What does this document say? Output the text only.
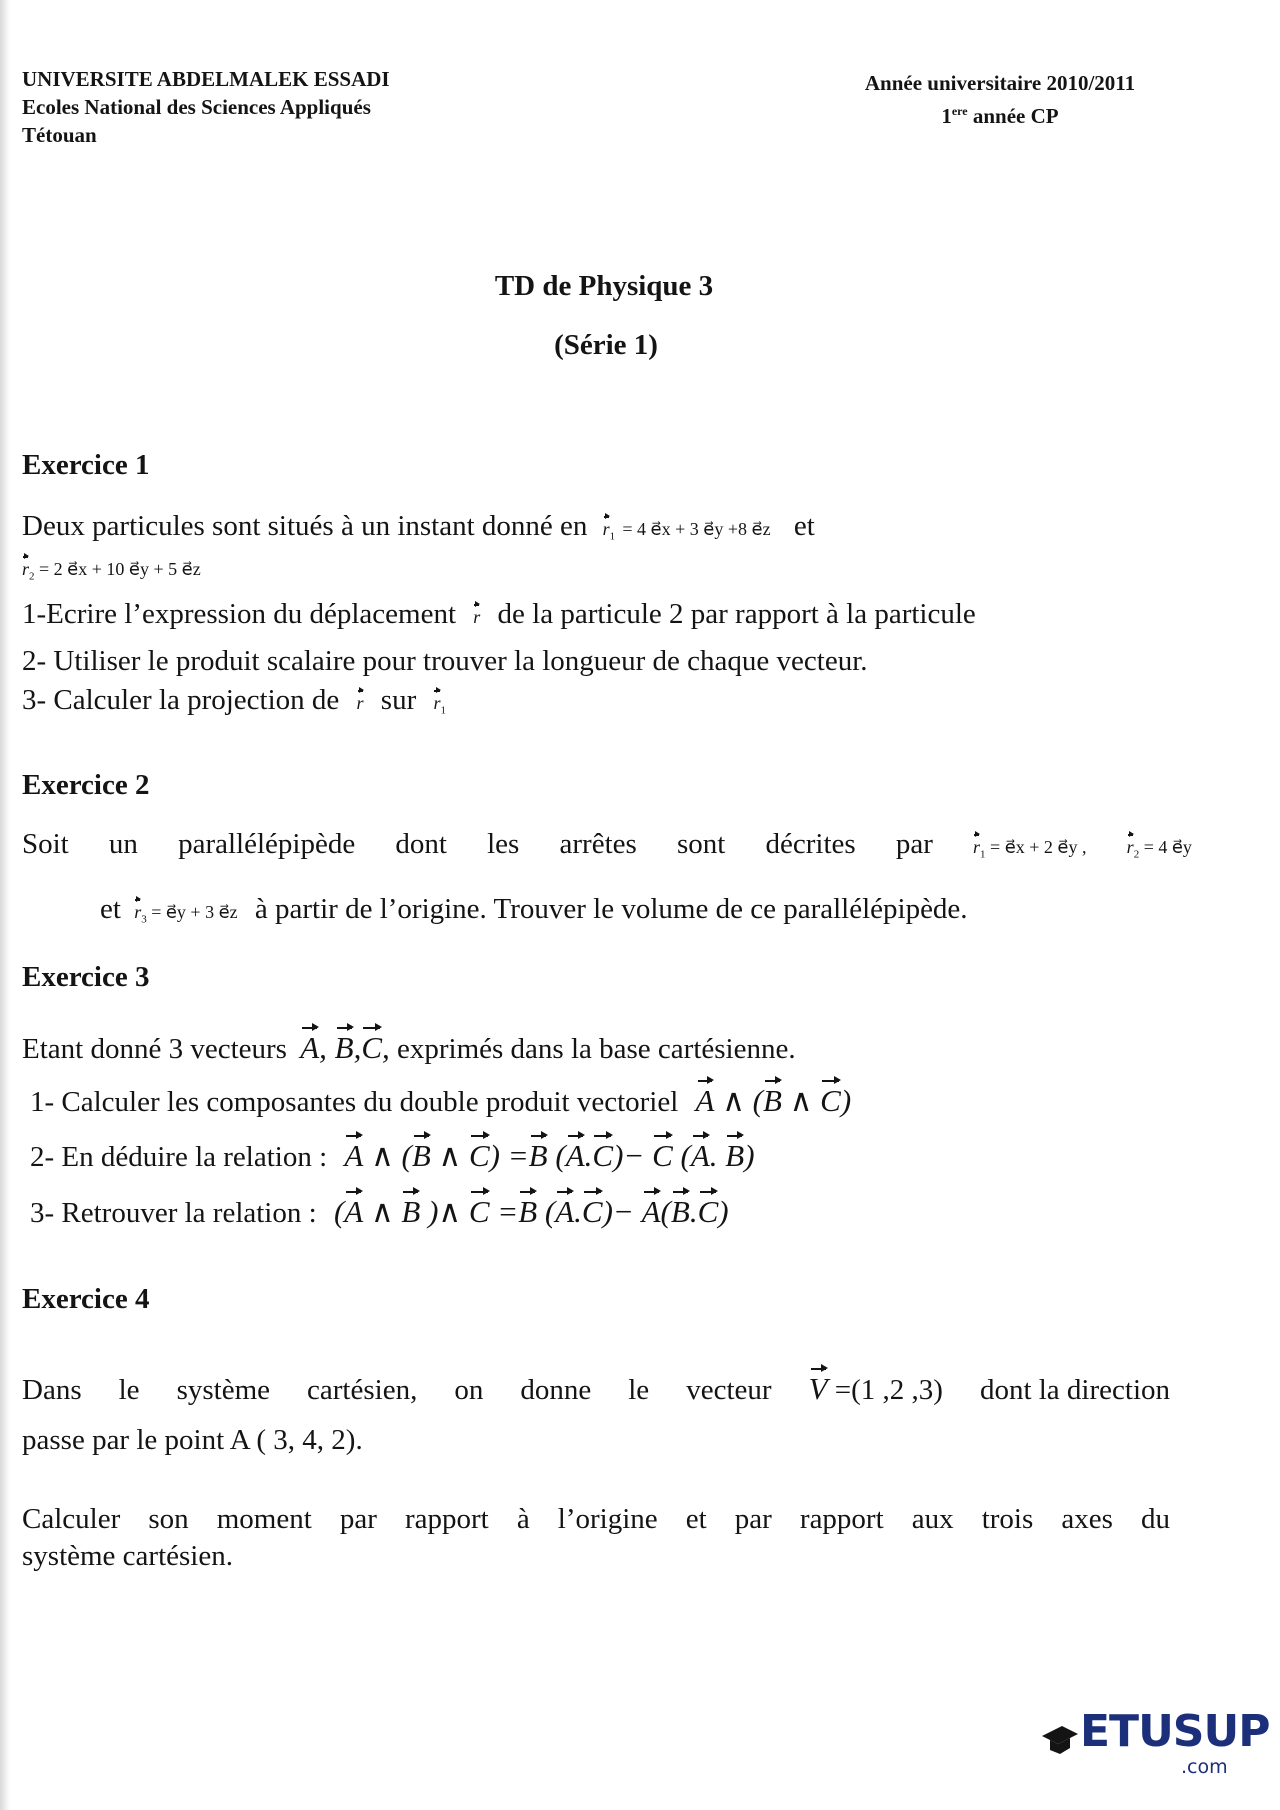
UNIVERSITE ABDELMALEK ESSADI
Ecoles National des Sciences Appliqués
Tétouan
Année universitaire 2010/2011
1ere année CP
TD de Physique 3
(Série 1)
Exercice 1
Deux particules sont situés à un instant donné en $r_1 = 4$ e⃗x + 3 e⃗y +8 e⃗z et
$r_2 = 2$ e⃗x + 10 e⃗y + 5 e⃗z
1-Ecrire l’expression du déplacement r de la particule 2 par rapport à la particule
2- Utiliser le produit scalaire pour trouver la longueur de chaque vecteur.
3- Calculer la projection de r sur $r_1$
Exercice 2
Soit un parallélépipède dont les arrêtes sont décrites par $r_1$ = e⃗x + 2 e⃗y , $r_2 = 4$ e⃗y
et $r_3$ = e⃗y + 3 e⃗z à partir de l’origine. Trouver le volume de ce parallélépipède.
Exercice 3
Etant donné 3 vecteurs A, B,C, exprimés dans la base cartésienne.
1- Calculer les composantes du double produit vectoriel A ∧ (B ∧ C)
2- En déduire la relation : A ∧ (B ∧ C) =B (A.C)− C (A. B)
3- Retrouver la relation : (A ∧ B )∧ C =B (A.C)− A(B.C)
Exercice 4
Dans le système cartésien, on donne le vecteur V =(1 ,2 ,3) dont la direction
passe par le point A ( 3, 4, 2).
Calculer son moment par rapport à l’origine et par rapport aux trois axes du
système cartésien.
ETUSUP
.com
